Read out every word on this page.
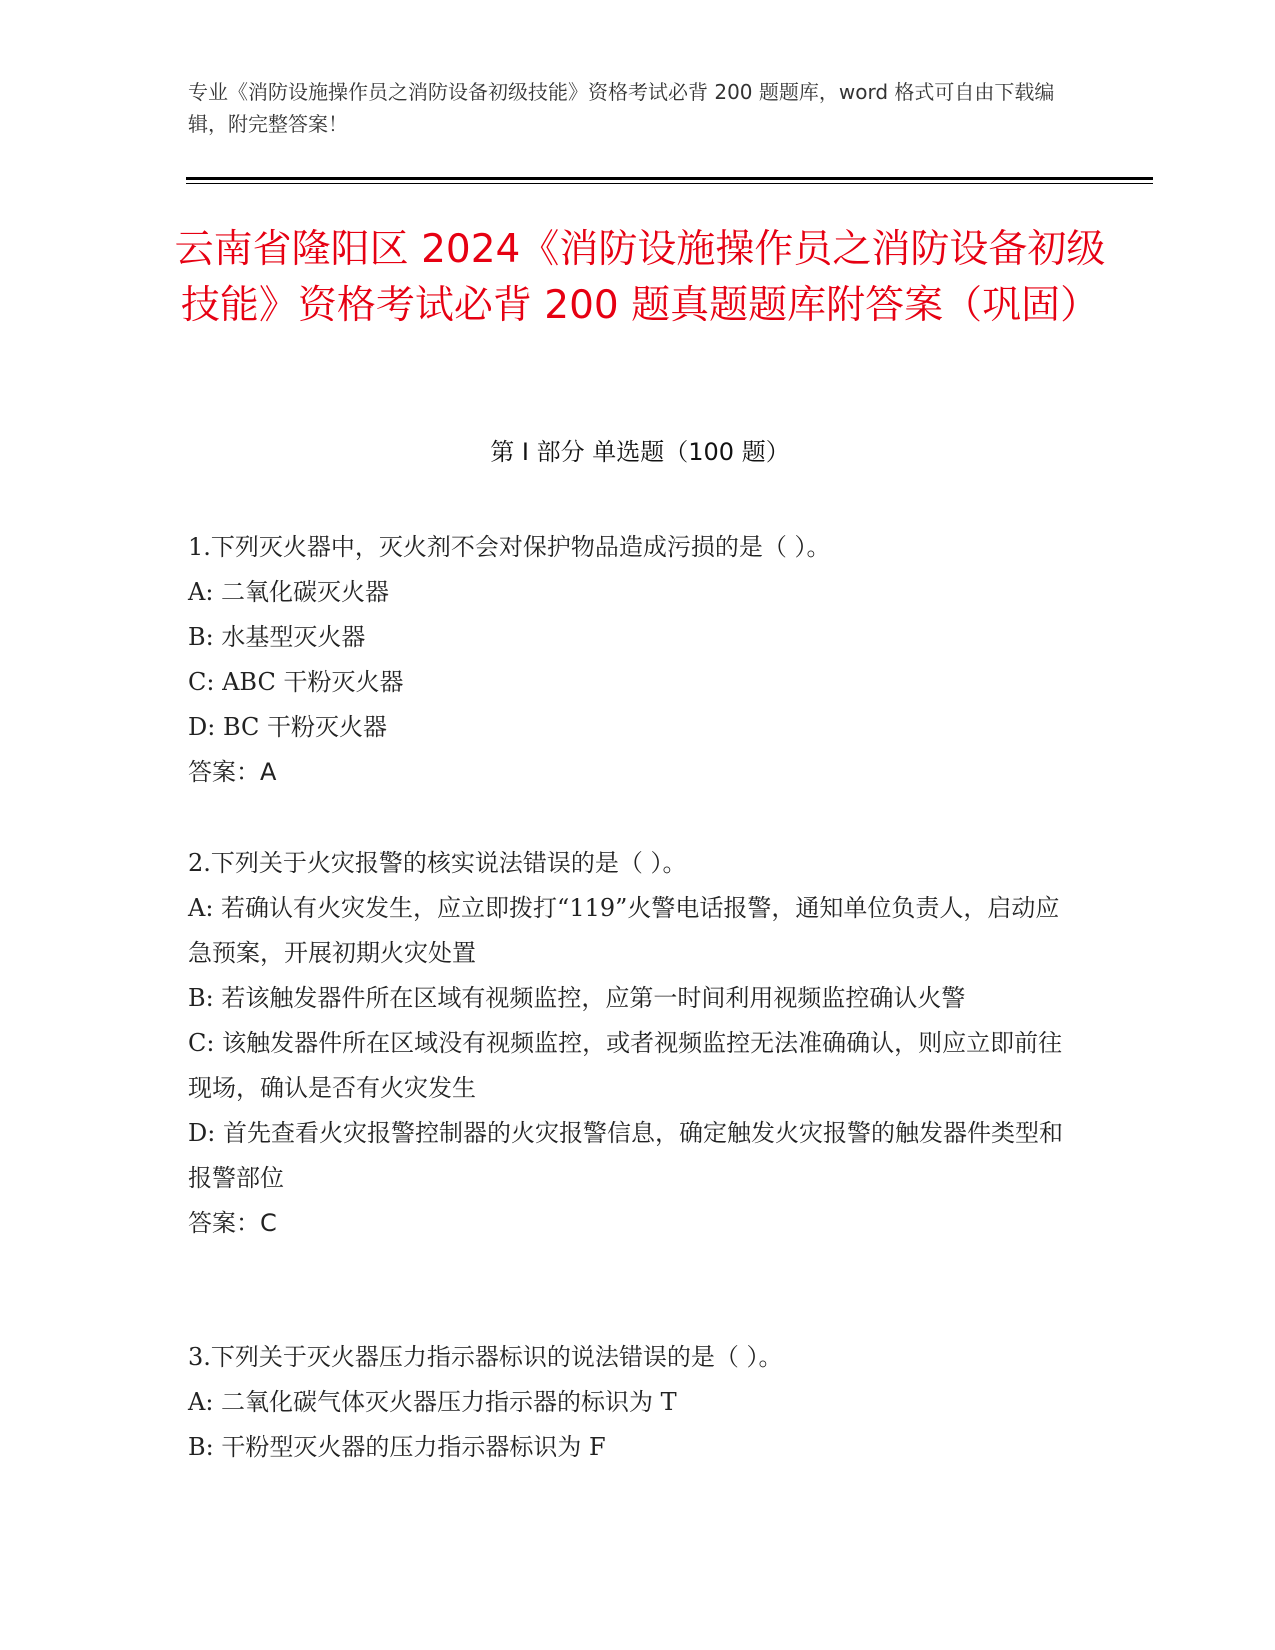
专业《消防设施操作员之消防设备初级技能》资格考试必背 200 题题库，word 格式可自由下载编辑，附完整答案！
云南省隆阳区 2024《消防设施操作员之消防设备初级技能》资格考试必背 200 题真题题库附答案（巩固）
第 I 部分 单选题（100 题）
1.下列灭火器中，灭火剂不会对保护物品造成污损的是（ ）。
A: 二氧化碳灭火器
B: 水基型灭火器
C: ABC 干粉灭火器
D: BC 干粉灭火器
答案：A
2.下列关于火灾报警的核实说法错误的是（ ）。
A: 若确认有火灾发生，应立即拨打“119”火警电话报警，通知单位负责人，启动应急预案，开展初期火灾处置
B: 若该触发器件所在区域有视频监控，应第一时间利用视频监控确认火警
C: 该触发器件所在区域没有视频监控，或者视频监控无法准确确认，则应立即前往现场，确认是否有火灾发生
D: 首先查看火灾报警控制器的火灾报警信息，确定触发火灾报警的触发器件类型和报警部位
答案：C
3.下列关于灭火器压力指示器标识的说法错误的是（ ）。
A: 二氧化碳气体灭火器压力指示器的标识为 T
B: 干粉型灭火器的压力指示器标识为 F
